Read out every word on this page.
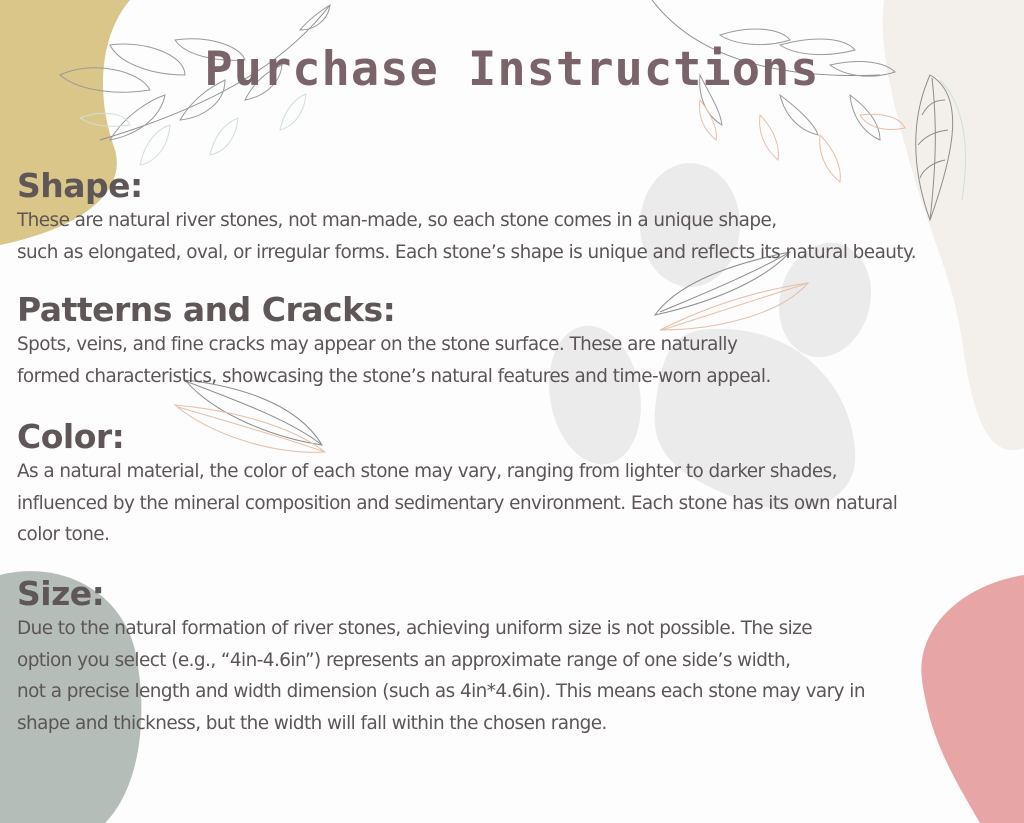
Purchase Instructions
Shape:

These are natural river stones, not man-made, so each stone comes in a unique shape,

such as elongated, oval, or irregular forms. Each stone’s shape is unique and reflects its natural beauty.

Patterns and Cracks:

Spots, veins, and fine cracks may appear on the stone surface. These are naturally

formed characteristics, showcasing the stone’s natural features and time-worn appeal.

Color:

As a natural material, the color of each stone may vary, ranging from lighter to darker shades,

influenced by the mineral composition and sedimentary environment. Each stone has its own natural

color tone.

Size:

Due to the natural formation of river stones, achieving uniform size is not possible. The size

option you select (e.g., “4in-4.6in”) represents an approximate range of one side’s width,

not a precise length and width dimension (such as 4in*4.6in). This means each stone may vary in

shape and thickness, but the width will fall within the chosen range.
